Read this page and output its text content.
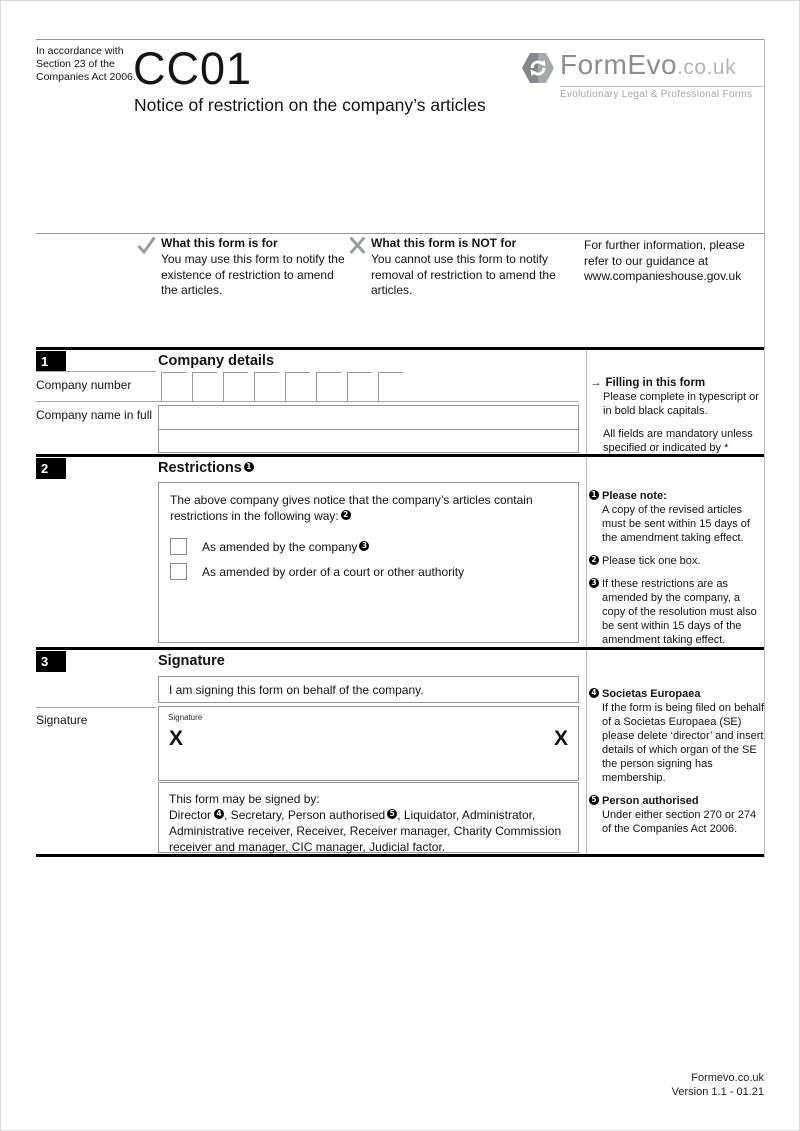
In accordance with
Section 23 of the
Companies Act 2006.
CC01
Notice of restriction on the company’s articles
FormEvo.co.uk
Evolutionary Legal & Professional Forms
What this form is for
You may use this form to notify the existence of restriction to amend the articles.
What this form is NOT for
You cannot use this form to notify removal of restriction to amend the articles.
For further information, please refer to our guidance at www.companieshouse.gov.uk
1	Company details
Company number
Company name in full
→ Filling in this form
Please complete in typescript or in bold black capitals.
All fields are mandatory unless specified or indicated by *
2	Restrictions 1
The above company gives notice that the company’s articles contain restrictions in the following way: 2
As amended by the company 3
As amended by order of a court or other authority
1 Please note:
A copy of the revised articles must be sent within 15 days of the amendment taking effect.
2 Please tick one box.
3 If these restrictions are as amended by the company, a copy of the resolution must also be sent within 15 days of the amendment taking effect.
3	Signature
I am signing this form on behalf of the company.
Signature	Signature
X	X
This form may be signed by:
Director 4 , Secretary, Person authorised 5 , Liquidator, Administrator, Administrative receiver, Receiver, Receiver manager, Charity Commission receiver and manager, CIC manager, Judicial factor.
4 Societas Europaea
If the form is being filed on behalf of a Societas Europaea (SE) please delete ‘director’ and insert details of which organ of the SE the person signing has membership.
5 Person authorised
Under either section 270 or 274 of the Companies Act 2006.
Formevo.co.uk
Version 1.1 - 01.21
